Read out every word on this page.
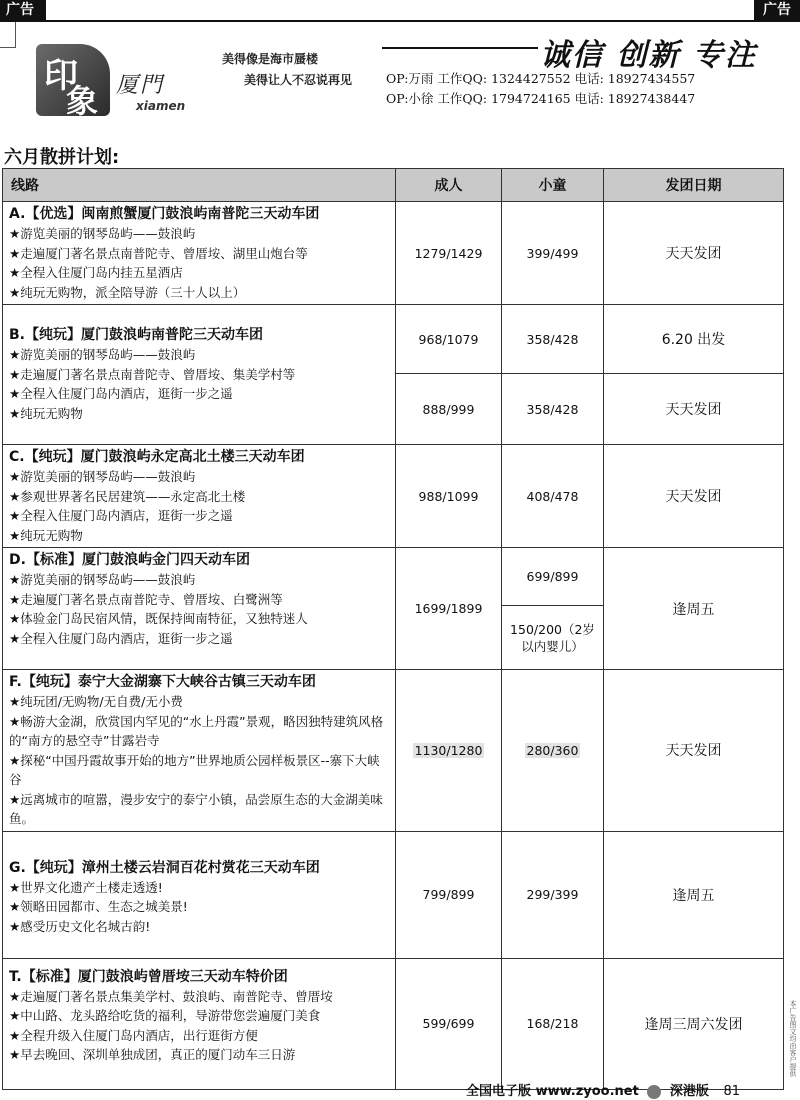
广告	广告
印
象 厦門
xiamen
美得像是海市蜃楼
美得让人不忍说再见
诚信 创新 专注
OP:万雨 工作QQ: 1324427552 电话: 18927434557
OP:小徐 工作QQ: 1794724165 电话: 18927438447
六月散拼计划:
线路	成人	小童	发团日期

A.【优选】闽南煎蟹厦门鼓浪屿南普陀三天动车团
★游览美丽的钢琴岛屿——鼓浪屿
★走遍厦门著名景点南普陀寺、曾厝垵、湖里山炮台等
★全程入住厦门岛内挂五星酒店
★纯玩无购物，派全陪导游（三十人以上）	1279/1429	399/499	天天发团

B.【纯玩】厦门鼓浪屿南普陀三天动车团
★游览美丽的钢琴岛屿——鼓浪屿
★走遍厦门著名景点南普陀寺、曾厝垵、集美学村等
★全程入住厦门岛内酒店，逛街一步之遥
★纯玩无购物	968/1079	358/428	6.20 出发
	888/999	358/428	天天发团

C.【纯玩】厦门鼓浪屿永定高北土楼三天动车团
★游览美丽的钢琴岛屿——鼓浪屿
★参观世界著名民居建筑——永定高北土楼
★全程入住厦门岛内酒店，逛街一步之遥
★纯玩无购物	988/1099	408/478	天天发团

D.【标准】厦门鼓浪屿金门四天动车团
★游览美丽的钢琴岛屿——鼓浪屿
★走遍厦门著名景点南普陀寺、曾厝垵、白鹭洲等
★体验金门岛民宿风情，既保持闽南特征，又独特迷人
★全程入住厦门岛内酒店，逛街一步之遥	1699/1899	699/899	逢周五
		150/200（2岁以内婴儿）	

F.【纯玩】泰宁大金湖寨下大峡谷古镇三天动车团
★纯玩团/无购物/无自费/无小费
★畅游大金湖，欣赏国内罕见的“水上丹霞”景观，略因独特建筑风格的“南方的悬空寺”甘露岩寺
★探秘“中国丹霞故事开始的地方”世界地质公园样板景区--寨下大峡谷
★远离城市的喧嚣，漫步安宁的泰宁小镇，品尝原生态的大金湖美味鱼。	1130/1280	280/360	天天发团

G.【纯玩】漳州土楼云岩洞百花村赏花三天动车团
★世界文化遗产土楼走透透!
★领略田园都市、生态之城美景!
★感受历史文化名城古韵!	799/899	299/399	逢周五

T.【标准】厦门鼓浪屿曾厝垵三天动车特价团
★走遍厦门著名景点集美学村、鼓浪屿、南普陀寺、曾厝垵
★中山路、龙头路给吃货的福利，导游带您尝遍厦门美食
★全程升级入住厦门岛内酒店，出行逛街方便
★早去晚回、深圳单独成团，真正的厦门动车三日游	599/699	168/218	逢周三周六发团
全国电子版 www.zyoo.net 深港版 81
本广告图文均由客户提供
